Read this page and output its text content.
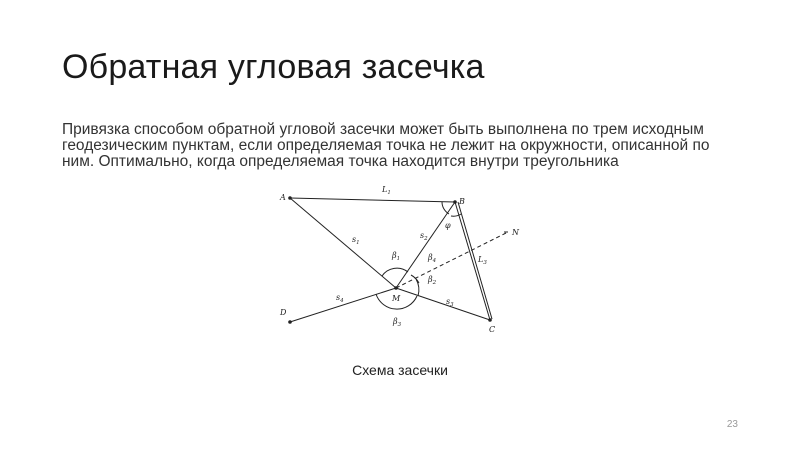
Обратная угловая засечка
Привязка способом обратной угловой засечки может быть выполнена по трем исходным
геодезическим пунктам, если определяемая точка не лежит на окружности, описанной по
ним. Оптимально, когда определяемая точка находится внутри треугольника
A	B
C
D
M
N
$L_1$
$L_3$
$s_1$
$s_2$
$s_3$
$s_4$
$\beta_1$	$\beta_4$
$\beta_2$
$\beta_3$
φ
Схема засечки
23
